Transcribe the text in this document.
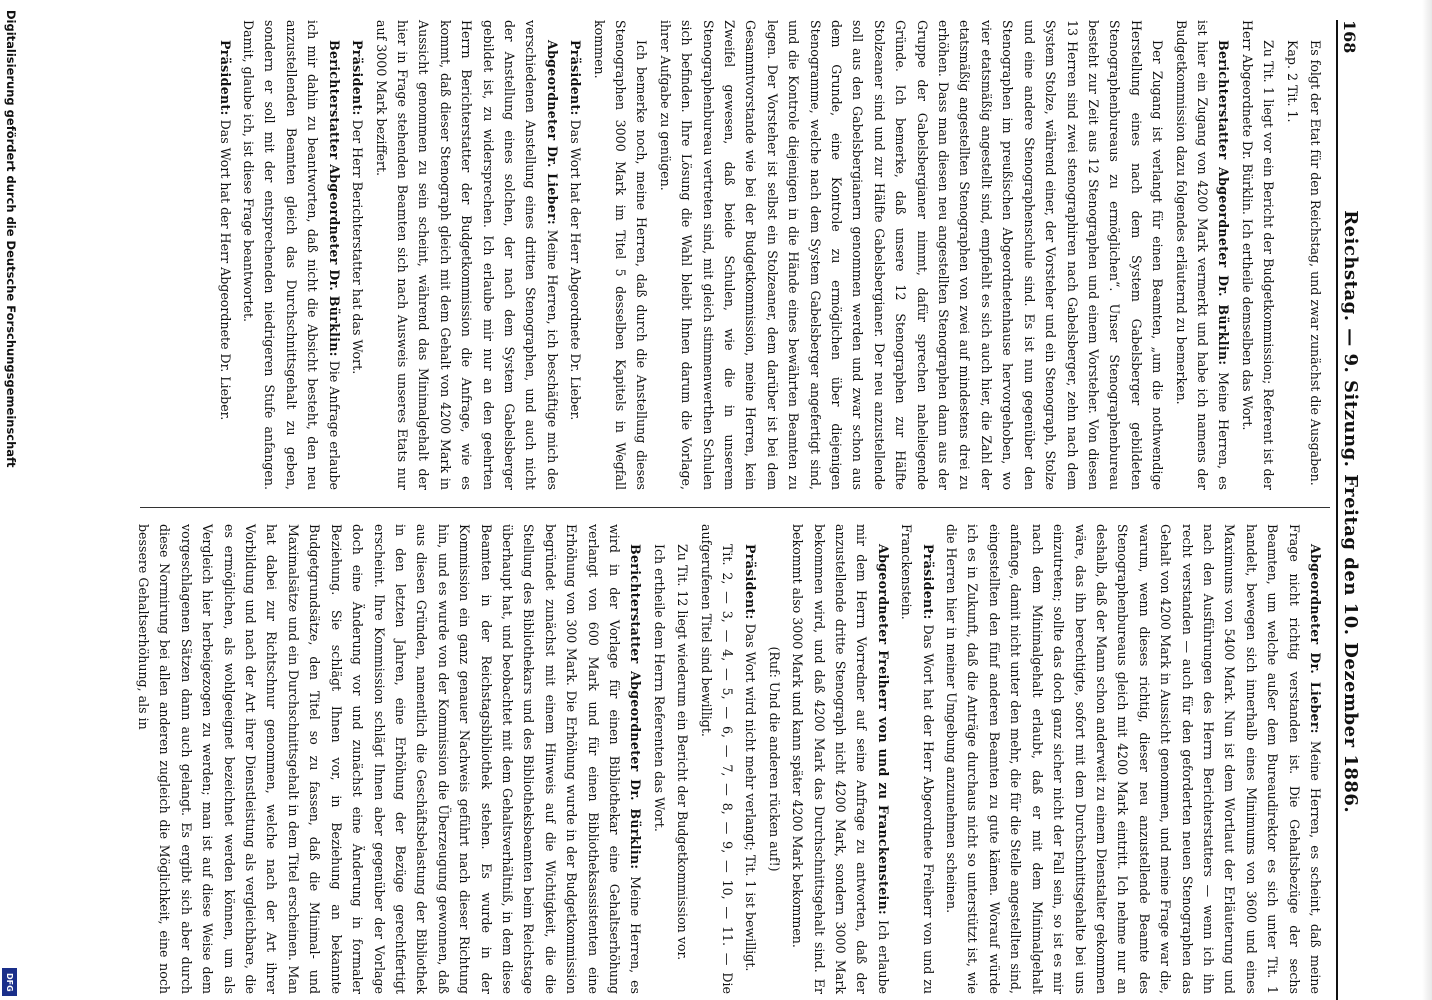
Digitalisierung gefördert durch die Deutsche Forschungsgemeinschaft
DFG
168
Reichstag. — 9. Sitzung. Freitag den 10. Dezember 1886.

Es folgt der Etat für den Reichstag, und zwar zunächst die Ausgaben.

Kap. 2 Tit. 1.

Zu Tit. 1 liegt vor ein Bericht der Budgetkommission; Referent ist der Herr Abgeordnete Dr. Bürklin. Ich ertheile demselben das Wort.

Berichterstatter Abgeordneter Dr. Bürklin: Meine Herren, es ist hier ein Zugang von 4200 Mark vermerkt und habe ich namens der Budgetkommission dazu folgendes erläuternd zu bemerken.

Der Zugang ist verlangt für einen Beamten, „um die nothwendige Herstellung eines nach dem System Gabelsberger gebildeten Stenographenbureaus zu ermöglichen“. Unser Stenographenbureau besteht zur Zeit aus 12 Stenographen und einem Vorsteher. Von diesen 13 Herren sind zwei stenographiren nach Gabelsberger, zehn nach dem System Stolze, während einer, der Vorsteher und ein Stenograph, Stolze und eine andere Stenographenschule sind. Es ist nun gegenüber den Stenographen im preußischen Abgeordnetenhause hervorgehoben, wo vier etatsmäßig angestellt sind, empfiehlt es sich auch hier, die Zahl der etatsmäßig angestellten Stenographen von zwei auf mindestens drei zu erhöhen. Dass man diesen neu angestellten Stenographen dann aus der Gruppe der Gabelsbergianer nimmt, dafür sprechen naheliegende Gründe. Ich bemerke, daß unsere 12 Stenographen zur Hälfte Stolzeaner sind und zur Hälfte Gabelsbergianer. Der neu anzustellende soll aus den Gabelsbergianern genommen werden und zwar schon aus dem Grunde, eine Kontrole zu ermöglichen über diejenigen Stenogramme, welche nach dem System Gabelsberger angefertigt sind, und die Kontrole diejenigen in die Hände eines bewährten Beamten zu legen. Der Vorsteher ist selbst ein Stolzeaner, dem darüber ist bei dem Gesammtvorstande wie bei der Budgetkommission, meine Herren, kein Zweifel gewesen, daß beide Schulen, wie die in unserem Stenographenbureau vertreten sind, mit gleich stimmenwerthen Schulen sich befinden. Ihre Lösung die Wahl bleibt Ihnen darum die Vorlage, ihrer Aufgabe zu genügen.

Ich bemerke noch, meine Herren, daß durch die Anstellung dieses Stenographen 3000 Mark im Titel 5 desselben Kapitels in Wegfall kommen.

Präsident: Das Wort hat der Herr Abgeordnete Dr. Lieber.

Abgeordneter Dr. Lieber: Meine Herren, ich beschäftige mich des verschiedenen Anstellung eines dritten Stenographen, und auch nicht der Anstellung eines solchen, der nach dem System Gabelsberger gebildet ist, zu widersprechen. Ich erlaube mir nur an den geehrten Herrn Berichterstatter der Budgetkommission die Anfrage, wie es kommt, daß dieser Stenograph gleich mit dem Gehalt von 4200 Mark in Aussicht genommen zu sein scheint, während das Minimalgehalt der hier in Frage stehenden Beamten sich nach Ausweis unseres Etats nur auf 3000 Mark beziffert.

Präsident: Der Herr Berichterstatter hat das Wort.

Berichterstatter Abgeordneter Dr. Bürklin: Die Anfrage erlaube ich mir dahin zu beantworten, daß nicht die Absicht besteht, den neu anzustellenden Beamten gleich das Durchschnittsgehalt zu geben, sondern er soll mit der entsprechenden niedrigeren Stufe anfangen. Damit, glaube ich, ist diese Frage beantwortet.

Präsident: Das Wort hat der Herr Abgeordnete Dr. Lieber.

Abgeordneter Dr. Lieber: Meine Herren, es scheint, daß meine Frage nicht richtig verstanden ist. Die Gehaltsbezüge der sechs Beamten, um welche außer dem Bureaudirektor es sich unter Tit. 1 handelt, bewegen sich innerhalb eines Minimums von 3600 und eines Maximums von 5400 Mark. Nun ist dem Wortlaut der Erläuterung und nach den Ausführungen des Herrn Berichterstatters — wenn ich ihn recht verstanden — auch für den geforderten neuen Stenographen das Gehalt von 4200 Mark in Aussicht genommen, und meine Frage war die, warum, wenn dieses richtig, dieser neu anzustellende Beamte des Stenographenbureaus gleich mit 4200 Mark eintritt. Ich nehme nur an deshalb, daß der Mann schon anderweit zu einem Dienstalter gekommen wäre, das ihn berechtigte, sofort mit dem Durchschnittsgehalte bei uns einzutreten; sollte das doch ganz sicher nicht der Fall sein, so ist es mir nach dem Minimalgehalt erlaubt, daß er mit dem Minimalgehalt anfange, damit nicht unter den mehr, die für die Stelle angestellten sind, eingestellten den fünf anderen Beamten zu gute kämen. Worauf würde ich es in Zukunft, daß die Anträge durchaus nicht so unterstützt ist, wie die Herren hier in meiner Umgebung anzunehmen scheinen.

Präsident: Das Wort hat der Herr Abgeordnete Freiherr von und zu Franckenstein.

Abgeordneter Freiherr von und zu Franckenstein: Ich erlaube mir dem Herrn Vorredner auf seine Anfrage zu antworten, daß der anzustellende dritte Stenograph nicht 4200 Mark, sondern 3000 Mark bekommen wird, und daß 4200 Mark das Durchschnittsgehalt sind. Er bekommt also 3000 Mark und kann später 4200 Mark bekommen.

(Ruf: Und die anderen rücken auf!)

Präsident: Das Wort wird nicht mehr verlangt; Tit. 1 ist bewilligt.

Tit. 2, — 3, — 4, — 5, — 6, — 7, — 8, — 9, — 10, — 11. — Die aufgerufenen Titel sind bewilligt.

Zu Tit. 12 liegt wiederum ein Bericht der Budgetkommission vor.

Ich ertheile dem Herrn Referenten das Wort.

Berichterstatter Abgeordneter Dr. Bürklin: Meine Herren, es wird in der Vorlage für einen Bibliothekar eine Gehaltserhöhung verlangt von 600 Mark und für einen Bibliotheksassistenten eine Erhöhung von 300 Mark. Die Erhöhung wurde in der Budgetkommission begründet zunächst mit einem Hinweis auf die Wichtigkeit, die die Stellung des Bibliothekars und des Bibliotheksbeamten beim Reichstage überhaupt hat, und beobachtet mit dem Gehaltsverhältniß, in dem diese Beamten in der Reichstagsbibliothek stehen. Es wurde in der Kommission ein ganz genauer Nachweis geführt nach dieser Richtung hin, und es wurde von der Kommission die Überzeugung gewonnen, daß aus diesen Gründen, namentlich die Geschäftsbelastung der Bibliothek in den letzten Jahren, eine Erhöhung der Bezüge gerechtfertigt erscheint. Ihre Kommission schlägt Ihnen aber gegenüber der Vorlage doch eine Änderung vor und zunächst eine Änderung in formaler Beziehung. Sie schlägt Ihnen vor, in Beziehung an bekannte Budgetgrundsätze, den Titel so zu fassen, daß die Minimal- und Maximalsätze und ein Durchschnittsgehalt in dem Titel erscheinen. Man hat dabei zur Richtschnur genommen, welche nach der Art ihrer Vorbildung und nach der Art ihrer Dienstleistung als vergleichbare, die es ermöglichen, als wohlgeeignet bezeichnet werden können, um als Vergleich hier herbeigezogen zu werden; man ist auf diese Weise dem vorgeschlagenen Sätzen dann auch gelangt. Es ergibt sich aber durch diese Normirung bei allen anderen zugleich die Möglichkeit, eine noch bessere Gehaltserhöhung, als in
